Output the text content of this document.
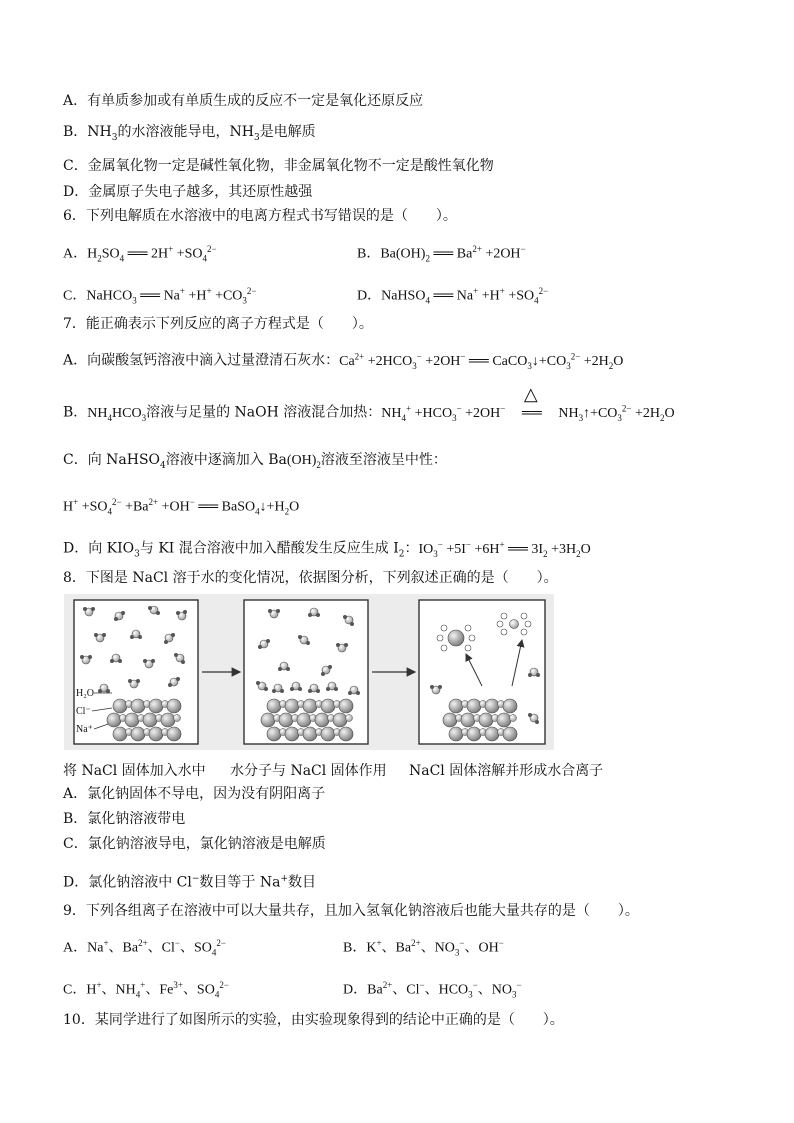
A．有单质参加或有单质生成的反应不一定是氧化还原反应
B．$NH_3$的水溶液能导电，$NH_3$是电解质
C．金属氧化物一定是碱性氧化物，非金属氧化物不一定是酸性氧化物
D．金属原子失电子越多，其还原性越强
6．下列电解质在水溶液中的电离方程式书写错误的是（　　）。
A．$H_2SO_4$ ══ $2H^+ +SO_4^{2-}$	B．$Ba(OH)_2$ ══ $Ba^{2+} +2OH^-$
C．NaHCO$_3$ ══ $Na^+ +H^+ +CO_3^{2-}$	D．NaHSO$_4$ ══ $Na^+ +H^+ +SO_4^{2-}$
7．能正确表示下列反应的离子方程式是（　　）。
A．向碳酸氢钙溶液中滴入过量澄清石灰水：$Ca^{2+} +2HCO_3^- +2OH^-$ ══ $CaCO_3↓+CO_3^{2-} +2H_2O$
B．$NH_4HCO_3$溶液与足量的 NaOH 溶液混合加热：$NH_4^+ +HCO_3^- +2OH^-$
△
══ $NH_3↑+CO_3^{2-} +2H_2O$
C．向 NaHSO$_4$溶液中逐滴加入 $Ba(OH)_2$溶液至溶液呈中性：
$H^+ +SO_4^{2-} +Ba^{2+} +OH^-$ ══ $BaSO_4↓+H_2O$
D．向 $KIO_3$与 KI 混合溶液中加入醋酸发生反应生成 $I_2$：$IO_3^- +5I^- +6H^+$ ══ $3I_2 +3H_2O$
8．下图是 NaCl 溶于水的变化情况，依据图分析，下列叙述正确的是（　　）。
H₂O
Cl⁻
Na⁺
将 NaCl 固体加入水中 水分子与 NaCl 固体作用 NaCl 固体溶解并形成水合离子
A．氯化钠固体不导电，因为没有阴阳离子
B．氯化钠溶液带电
C．氯化钠溶液导电，氯化钠溶液是电解质
D．氯化钠溶液中 Cl−数目等于 Na+数目
9．下列各组离子在溶液中可以大量共存，且加入氢氧化钠溶液后也能大量共存的是（　　）。
A．Na+、$Ba^{2+}$、Cl−、$SO_4^{2-}$	B．K+、$Ba^{2+}$、$NO_3^-$、OH−
C．H+、$NH_4^+$、$Fe^{3+}$、$SO_4^{2-}$	D．$Ba^{2+}$、Cl−、$HCO_3^-$、$NO_3^-$
10．某同学进行了如图所示的实验，由实验现象得到的结论中正确的是（　　）。
